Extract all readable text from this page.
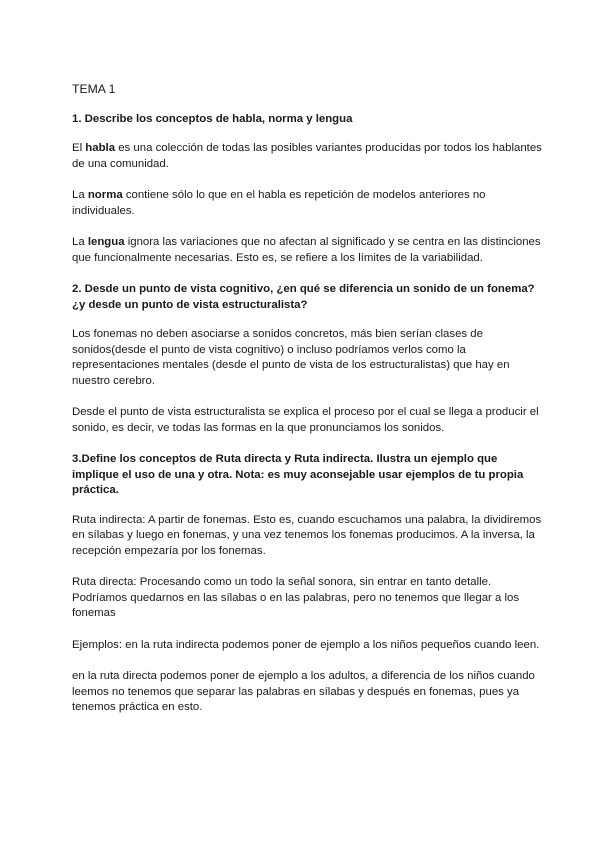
TEMA 1
1. Describe los conceptos de habla, norma y lengua

El habla es una colección de todas las posibles variantes producidas por todos los hablantes de una comunidad.

La norma contiene sólo lo que en el habla es repetición de modelos anteriores no individuales.

La lengua ignora las variaciones que no afectan al significado y se centra en las distinciones que funcionalmente necesarias. Esto es, se refiere a los límites de la variabilidad.

2. Desde un punto de vista cognitivo, ¿en qué se diferencia un sonido de un fonema? ¿y desde un punto de vista estructuralista?

Los fonemas no deben asociarse a sonidos concretos, más bien serían clases de sonidos(desde el punto de vista cognitivo) o incluso podríamos verlos como la representaciones mentales (desde el punto de vista de los estructuralistas) que hay en nuestro cerebro.

Desde el punto de vista estructuralista se explica el proceso por el cual se llega a producir el sonido, es decir, ve todas las formas en la que pronunciamos los sonidos.

3.Define los conceptos de Ruta directa y Ruta indirecta. Ilustra un ejemplo que implique el uso de una y otra. Nota: es muy aconsejable usar ejemplos de tu propia práctica.

Ruta indirecta: A partir de fonemas. Esto es, cuando escuchamos una palabra, la dividiremos en sílabas y luego en fonemas, y una vez tenemos los fonemas producimos. A la inversa, la recepción empezaría por los fonemas.

Ruta directa: Procesando como un todo la señal sonora, sin entrar en tanto detalle. Podríamos quedarnos en las sílabas o en las palabras, pero no tenemos que llegar a los fonemas

Ejemplos: en la ruta indirecta podemos poner de ejemplo a los niños pequeños cuando leen.

en la ruta directa podemos poner de ejemplo a los adultos, a diferencia de los niños cuando leemos no tenemos que separar las palabras en sílabas y después en fonemas, pues ya tenemos práctica en esto.
